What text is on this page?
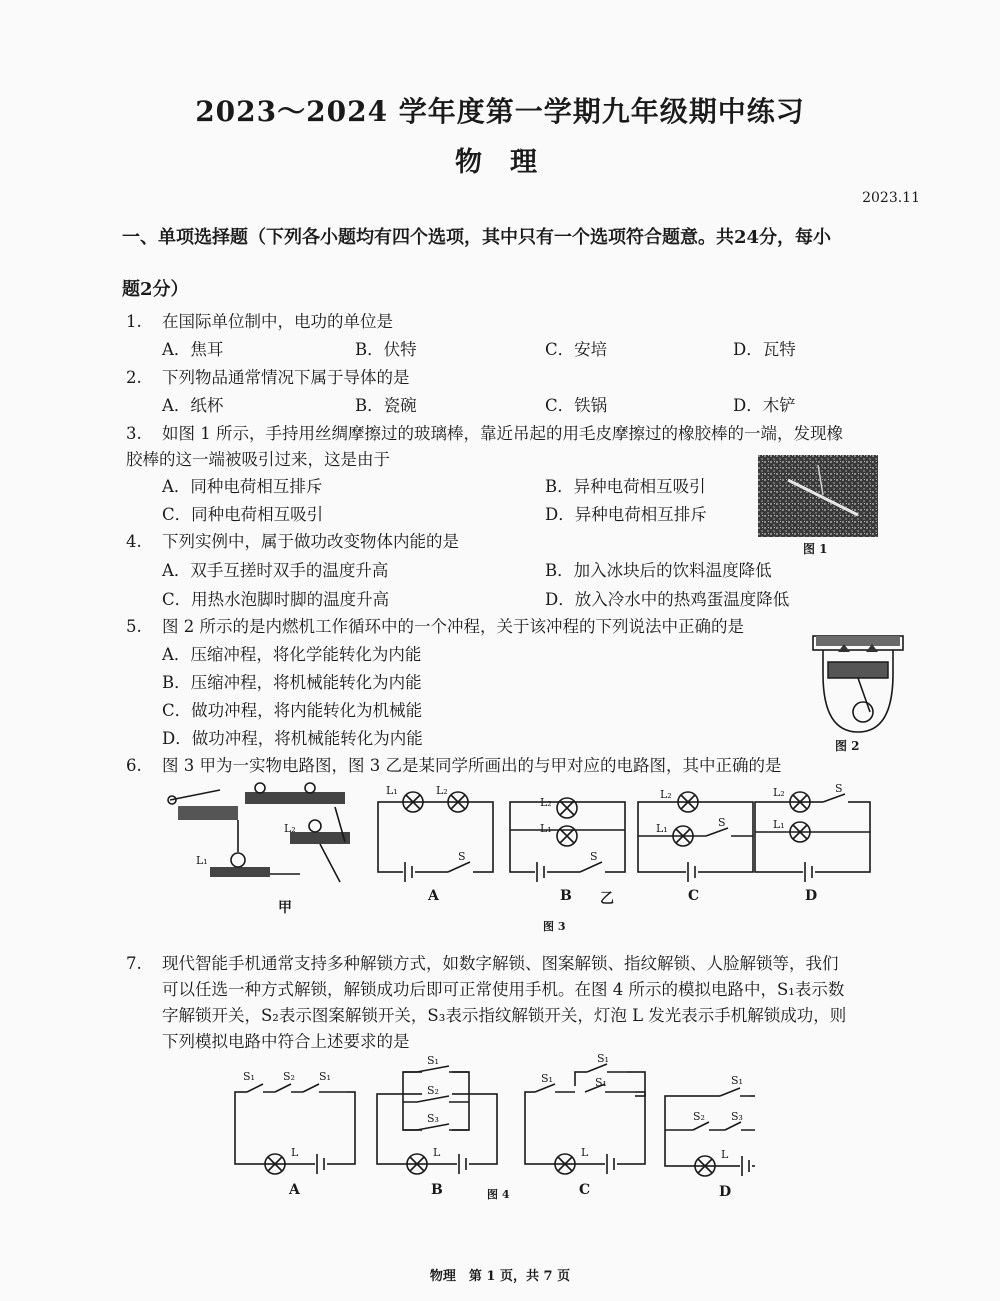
2023～2024 学年度第一学期九年级期中练习
物理
2023.11
一、单项选择题（下列各小题均有四个选项，其中只有一个选项符合题意。共24分，每小
题2分）
1. 在国际单位制中，电功的单位是
A．焦耳	B．伏特	C．安培	D．瓦特
2. 下列物品通常情况下属于导体的是
A．纸杯	B．瓷碗	C．铁锅	D．木铲
3. 如图 1 所示，手持用丝绸摩擦过的玻璃棒，靠近吊起的用毛皮摩擦过的橡胶棒的一端，发现橡
胶棒的这一端被吸引过来，这是由于
A．同种电荷相互排斥	B．异种电荷相互吸引
C．同种电荷相互吸引	D．异种电荷相互排斥
图 1
4. 下列实例中，属于做功改变物体内能的是
A．双手互搓时双手的温度升高	B．加入冰块后的饮料温度降低
C．用热水泡脚时脚的温度升高	D．放入冷水中的热鸡蛋温度降低
5. 图 2 所示的是内燃机工作循环中的一个冲程，关于该冲程的下列说法中正确的是
A．压缩冲程，将化学能转化为内能
B．压缩冲程，将机械能转化为内能
C．做功冲程，将内能转化为机械能
D．做功冲程，将机械能转化为内能	图 2
6. 图 3 甲为一实物电路图，图 3 乙是某同学所画出的与甲对应的电路图，其中正确的是
L₂
L₁
甲
L₁	L₂
S
A
L₂
L₁
S
B
L₂
L₁	S
C
L₂
L₁
S
D
乙
图 3
7. 现代智能手机通常支持多种解锁方式，如数字解锁、图案解锁、指纹解锁、人脸解锁等，我们
可以任选一种方式解锁，解锁成功后即可正常使用手机。在图 4 所示的模拟电路中，S₁表示数
字解锁开关，S₂表示图案解锁开关，S₃表示指纹解锁开关，灯泡 L 发光表示手机解锁成功，则
下列模拟电路中符合上述要求的是
S₁	S₂ S₁
L
A
S₁
S₂
S₃
L
B
S₁
S₁	S₁
L
C
S₁
S₂ S₃
L
D
图 4
物理　第 1 页，共 7 页
